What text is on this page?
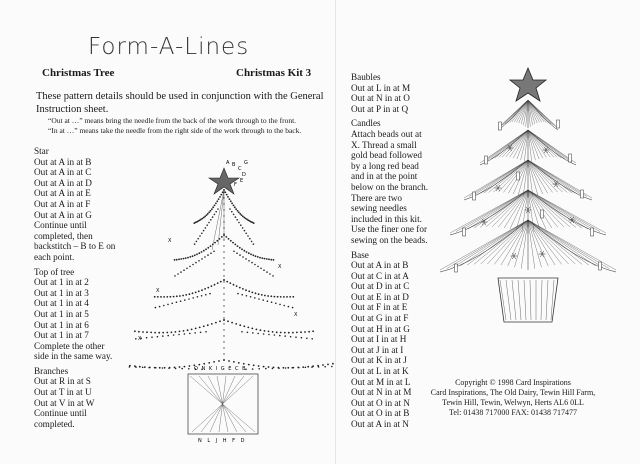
Form-A-Lines
Christmas Tree	Christmas Kit 3
These pattern details should be used in conjunction with the General Instruction sheet.
“Out at …” means bring the needle from the back of the work through to the front.
“In at …” means take the needle from the right side of the work through to the back.
Star
Out at A in at B
Out at A in at C
Out at A in at D
Out at A in at E
Out at A in at F
Out at A in at G
Continue until
completed, then
backstitch – B to E on
each point.
Top of tree
Out at 1 in at 2
Out at 1 in at 3
Out at 1 in at 4
Out at 1 in at 5
Out at 1 in at 6
Out at 1 in at 7
Complete the other
side in the same way.
Branches
Out at R in at S
Out at T in at U
Out at V in at W
Continue until
completed.
A B
C
D
E
F
G
O N K I G E C B
N L J H F D
X
X
X
X
X
Baubles
Out at L in at M
Out at N in at O
Out at P in at Q
Candles
Attach beads out at
X. Thread a small
gold bead followed
by a long red bead
and in at the point
below on the branch.
There are two
sewing needles
included in this kit.
Use the finer one for
sewing on the beads.
Base
Out at A in at B
Out at C in at A
Out at D in at C
Out at E in at D
Out at F in at E
Out at G in at F
Out at H in at G
Out at I in at H
Out at J in at I
Out at K in at J
Out at L in at K
Out at M in at L
Out at N in at M
Out at O in at N
Out at O in at B
Out at A in at N
Copyright © 1998 Card Inspirations
Card Inspirations, The Old Dairy, Tewin Hill Farm,
Tewin Hill, Tewin, Welwyn, Herts AL6 0LL
Tel: 01438 717000 FAX: 01438 717477
